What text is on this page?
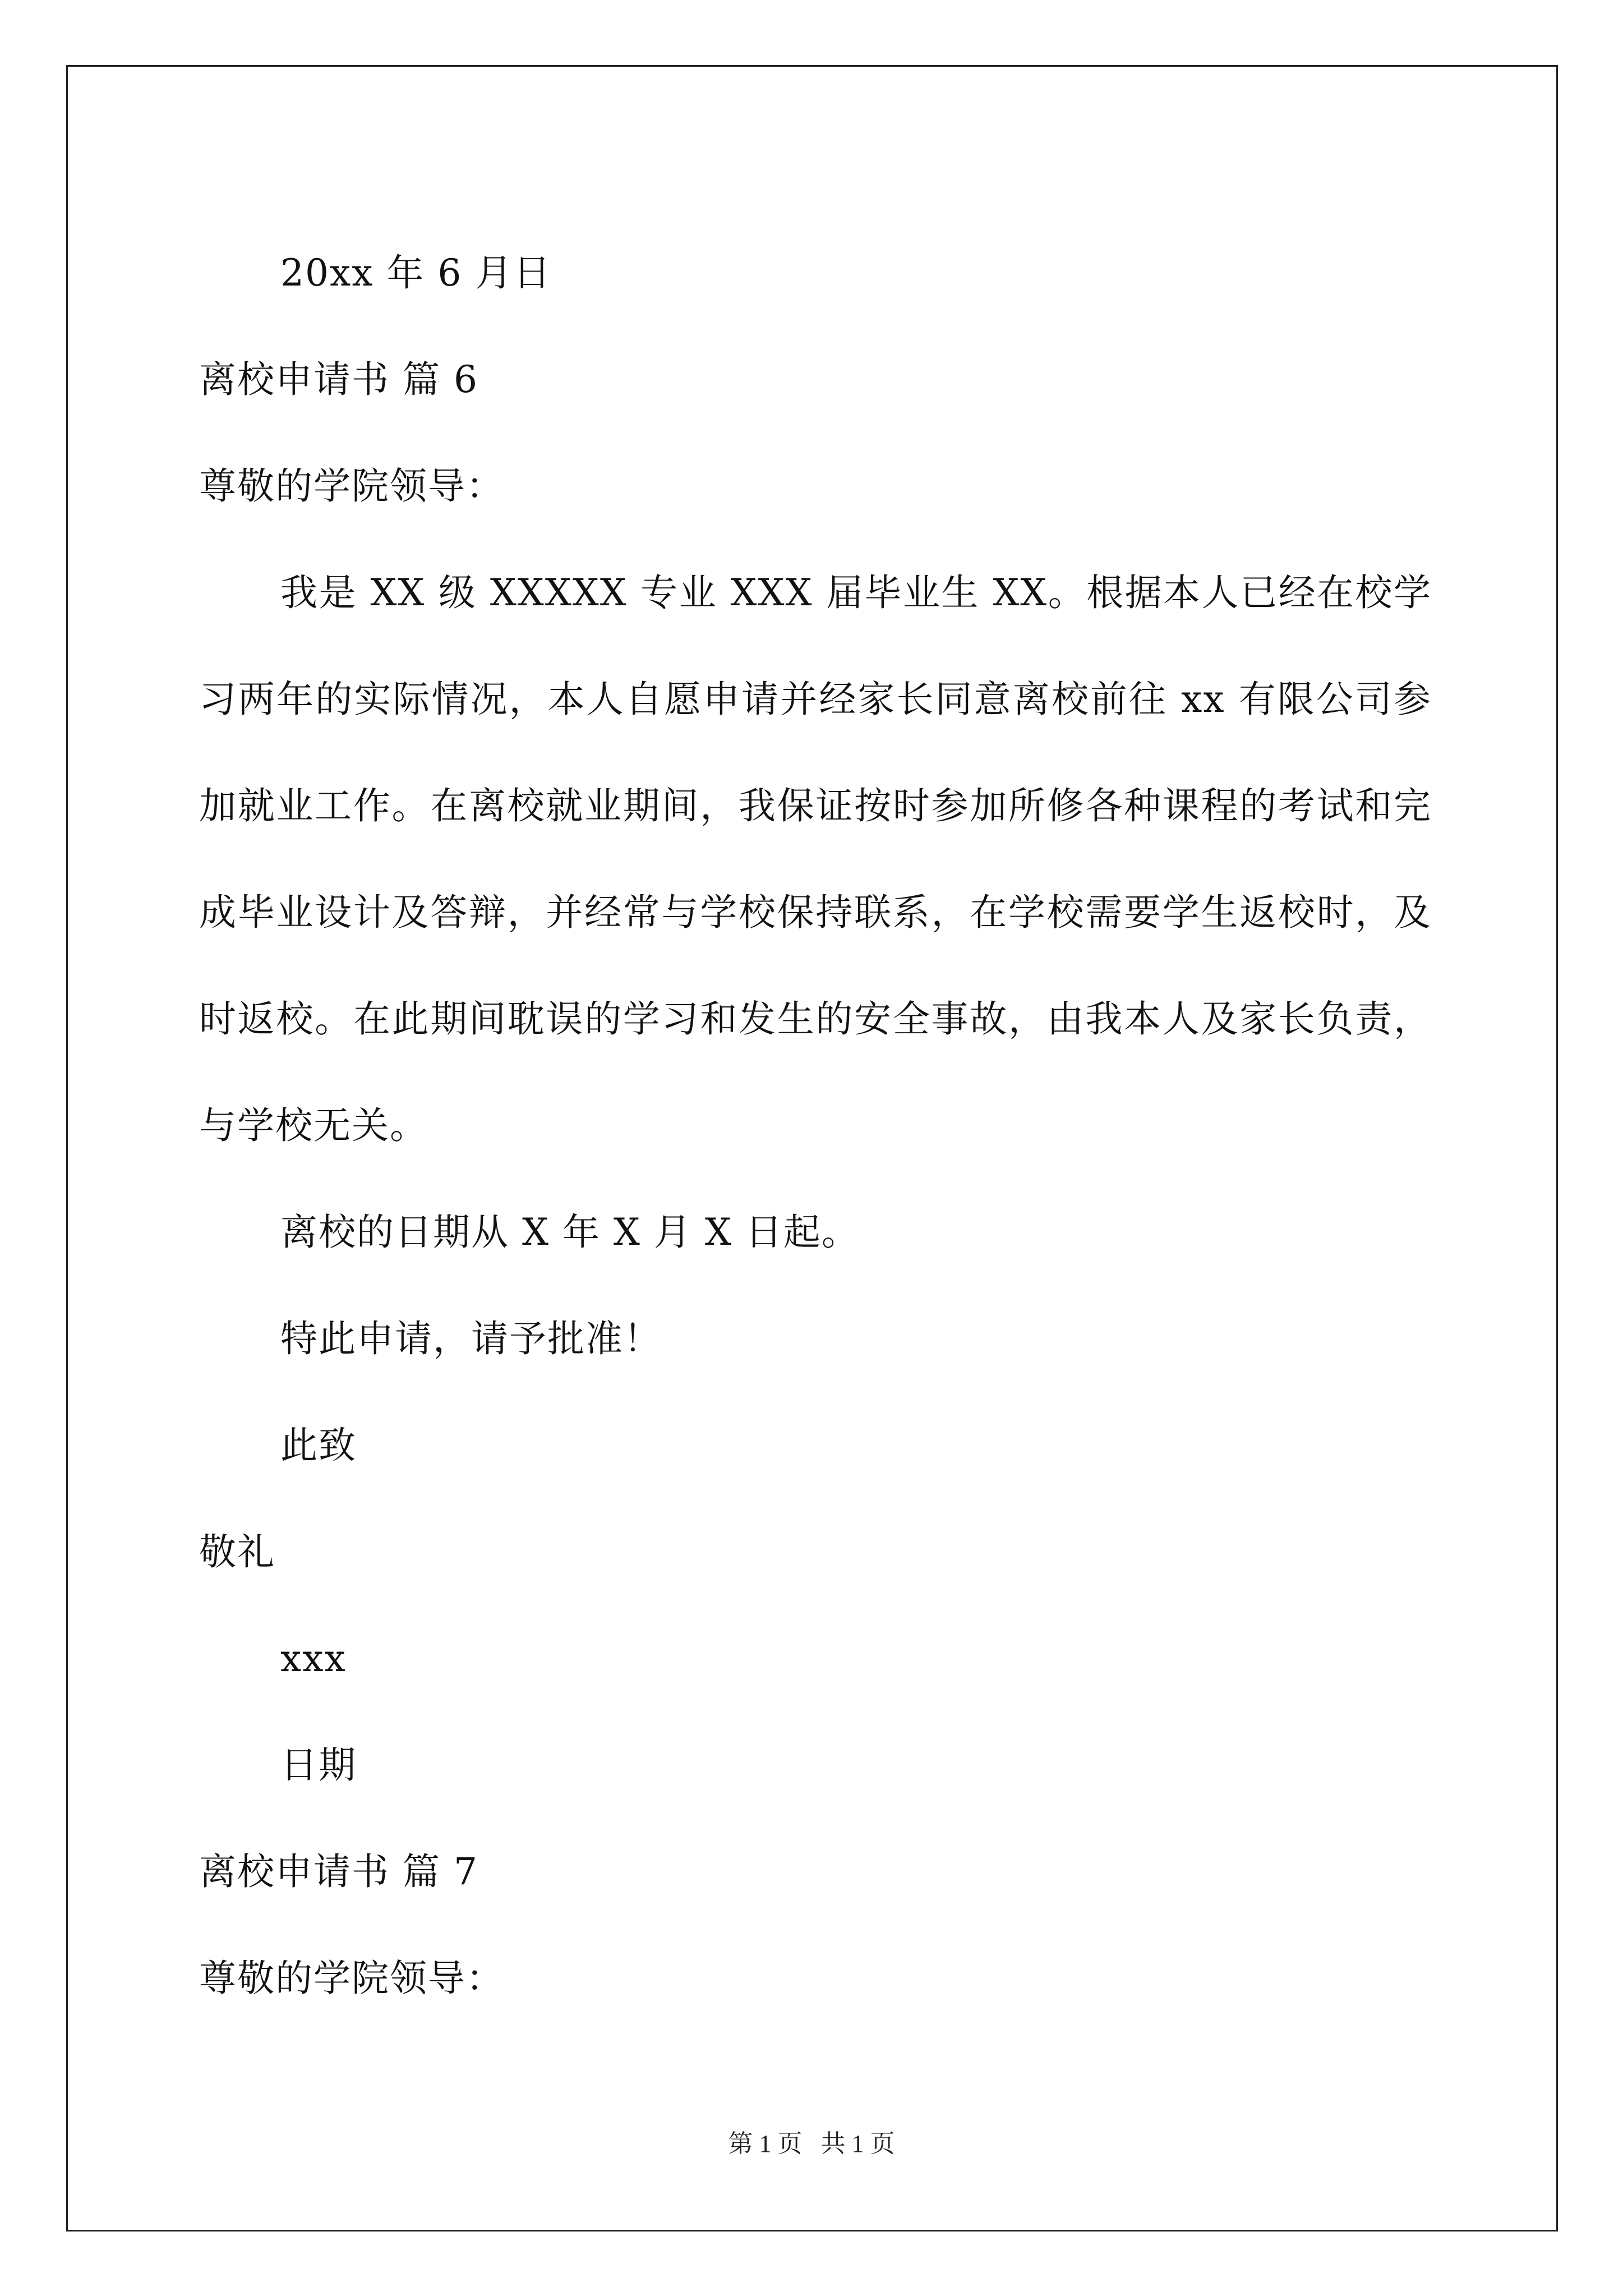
20xx 年 6 月日
离校申请书 篇 6
尊敬的学院领导：
我是 XX 级 XXXXX 专业 XXX 届毕业生 XX。根据本人已经在校学习两年的实际情况，本人自愿申请并经家长同意离校前往 xx 有限公司参加就业工作。在离校就业期间，我保证按时参加所修各种课程的考试和完成毕业设计及答辩，并经常与学校保持联系，在学校需要学生返校时，及时返校。在此期间耽误的学习和发生的安全事故，由我本人及家长负责，与学校无关。
离校的日期从 X 年 X 月 X 日起。
特此申请，请予批准！
此致
敬礼
xxx
日期
离校申请书 篇 7
尊敬的学院领导：
第 1 页   共 1 页
